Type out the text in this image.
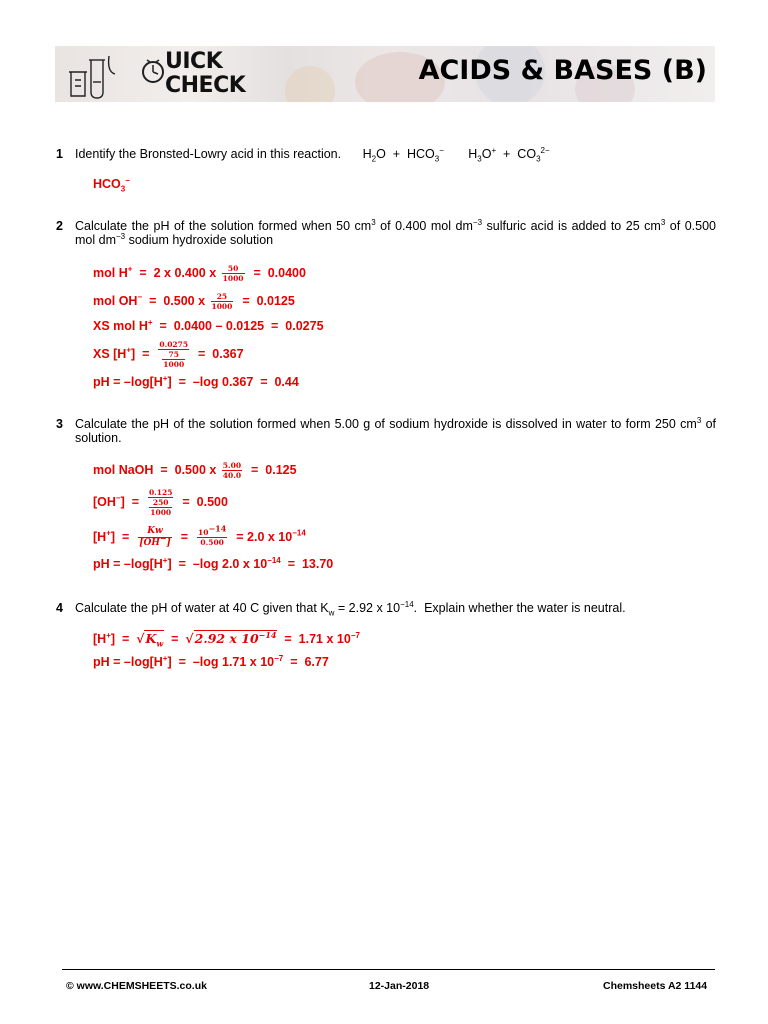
UICK
CHECK	ACIDS & BASES (B)
1 Identify the Bronsted-Lowry acid in this reaction. $H_2O + HCO_3^-$       $H_3O^+ + CO_3^{2-}$
$HCO_3^-$
2 Calculate the pH of the solution formed when 50 $cm^3$ of 0.400 mol $dm^{-3}$ sulfuric acid is added to 25 $cm^3$ of 0.500 mol $dm^{-3}$ sodium hydroxide solution
mol H+  =  2 x 0.400 x $\frac{50}{1000} = 0.0400$
mol OH−  =  0.500 x $\frac{25}{1000} = 0.0125$
XS mol H+  =  0.0400 – 0.0125  =  0.0275
XS $[H^+] = \frac{0.0275}{\frac{75}{1000}} = 0.367$
pH = –log[H+]  =  –log 0.367  =  0.44
3 Calculate the pH of the solution formed when 5.00 g of sodium hydroxide is dissolved in water to form 250 $cm^3$ of solution.
mol NaOH  =  0.500 x $\frac{5.00}{40.0} = 0.125$
$[OH^-] = \frac{0.125}{\frac{250}{1000}} = 0.500$
$[H^+] = \frac{Kw}{[OH^-]} = \frac{10^{-14}}{0.500} = 2.0$ x $10^{-14}$
pH = –log[H+]  =  –log 2.0 x $10^{-14} = 13.70$
4 Calculate the pH of water at 40 C given that $K_w = 2.92$ x $10^{-14}$.  Explain whether the water is neutral.
$[H^+] = √K_w = √2.92$ x $10^{-14} = 1.71$ x $10^{-7}$
pH = –log[H+]  =  –log 1.71 x $10^{-7} = 6.77$
© www.CHEMSHEETS.co.uk	12-Jan-2018	Chemsheets A2 1144
